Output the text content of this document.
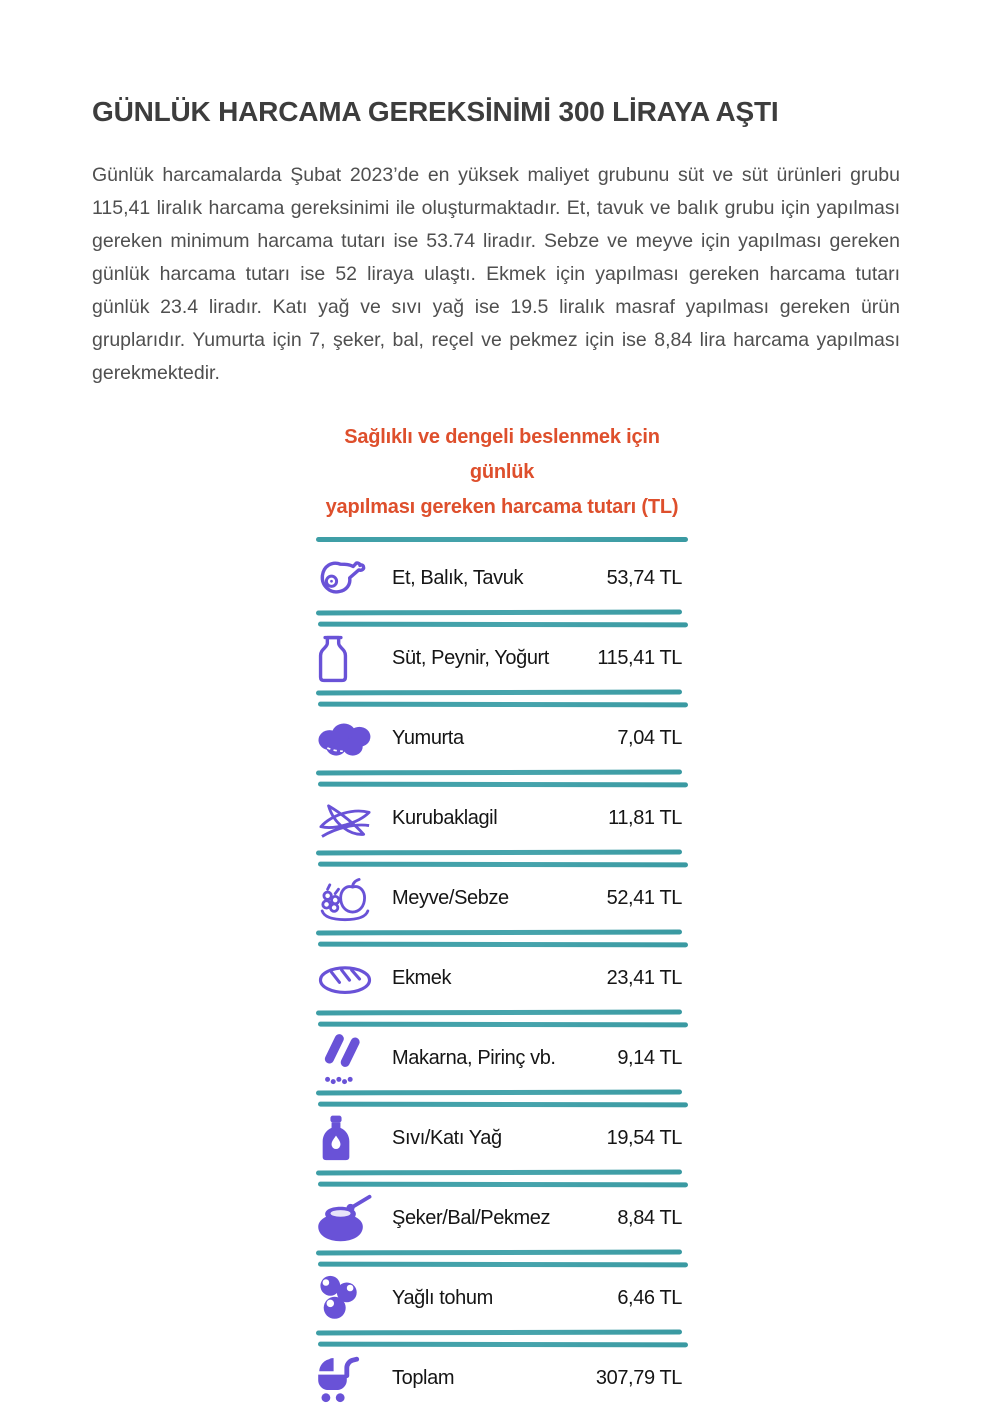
GÜNLÜK HARCAMA GEREKSİNİMİ 300 LİRAYA AŞTI

Günlük harcamalarda Şubat 2023’de en yüksek maliyet grubunu süt ve süt ürünleri grubu 115,41 liralık harcama gereksinimi ile oluşturmaktadır. Et, tavuk ve balık grubu için yapılması gereken minimum harcama tutarı ise 53.74 liradır. Sebze ve meyve için yapılması gereken günlük harcama tutarı ise 52 liraya ulaştı. Ekmek için yapılması gereken harcama tutarı günlük 23.4 liradır. Katı yağ ve sıvı yağ ise 19.5 liralık masraf yapılması gereken ürün gruplarıdır. Yumurta için 7, şeker, bal, reçel ve pekmez için ise 8,84 lira harcama yapılması gerekmektedir.

Sağlıklı ve dengeli beslenmek için günlük
yapılması gereken harcama tutarı (TL)
Et, Balık, Tavuk	53,74 TL
Süt, Peynir, Yoğurt	115,41 TL
Yumurta	7,04 TL
Kurubaklagil	11,81 TL
Meyve/Sebze	52,41 TL
Ekmek	23,41 TL
Makarna, Pirinç vb.	9,14 TL
Sıvı/Katı Yağ	19,54 TL
Şeker/Bal/Pekmez	8,84 TL
Yağlı tohum	6,46 TL
Toplam	307,79 TL
